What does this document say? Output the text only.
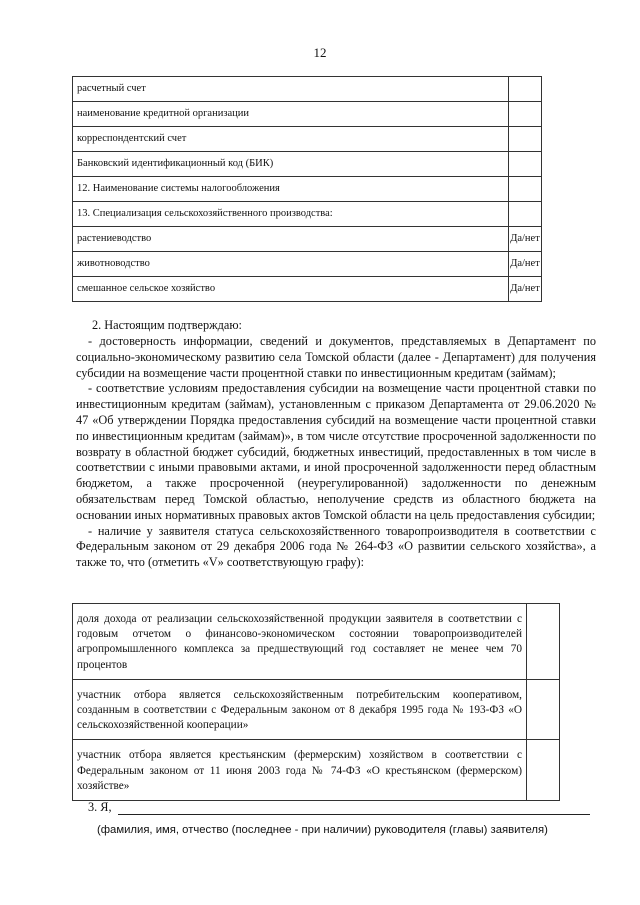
12
расчетный счет	
наименование кредитной организации	
корреспондентский счет	
Банковский идентификационный код (БИК)	
12. Наименование системы налогообложения	
13. Специализация сельскохозяйственного производства:	
растениеводство	Да/нет
животноводство	Да/нет
смешанное сельское хозяйство	Да/нет
2. Настоящим подтверждаю:

- достоверность информации, сведений и документов, представляемых в Департамент по социально-экономическому развитию села Томской области (далее - Департамент) для получения субсидии на возмещение части процентной ставки по инвестиционным кредитам (займам);

- соответствие условиям предоставления субсидии на возмещение части процентной ставки по инвестиционным кредитам (займам), установленным с приказом Департамента от 29.06.2020 № 47 «Об утверждении Порядка предоставления субсидий на возмещение части процентной ставки по инвестиционным кредитам (займам)», в том числе отсутствие просроченной задолженности по возврату в областной бюджет субсидий, бюджетных инвестиций, предоставленных в том числе в соответствии с иными правовыми актами, и иной просроченной задолженности перед областным бюджетом, а также просроченной (неурегулированной) задолженности по денежным обязательствам перед Томской областью, неполучение средств из областного бюджета на основании иных нормативных правовых актов Томской области на цель предоставления субсидии;

- наличие у заявителя статуса сельскохозяйственного товаропроизводителя в соответствии с Федеральным законом от 29 декабря 2006 года № 264-ФЗ «О развитии сельского хозяйства», а также то, что (отметить «V» соответствующую графу):

доля дохода от реализации сельскохозяйственной продукции заявителя в соответствии с годовым отчетом о финансово-экономическом состоянии товаропроизводителей агропромышленного комплекса за предшествующий год составляет не менее чем 70 процентов	
участник отбора является сельскохозяйственным потребительским кооперативом, созданным в соответствии с Федеральным законом от 8 декабря 1995 года № 193-ФЗ «О сельскохозяйственной кооперации»	
участник отбора является крестьянским (фермерским) хозяйством в соответствии с Федеральным законом от 11 июня 2003 года № 74-ФЗ «О крестьянском (фермерском) хозяйстве»	
3. Я,
(фамилия, имя, отчество (последнее - при наличии) руководителя (главы) заявителя)
